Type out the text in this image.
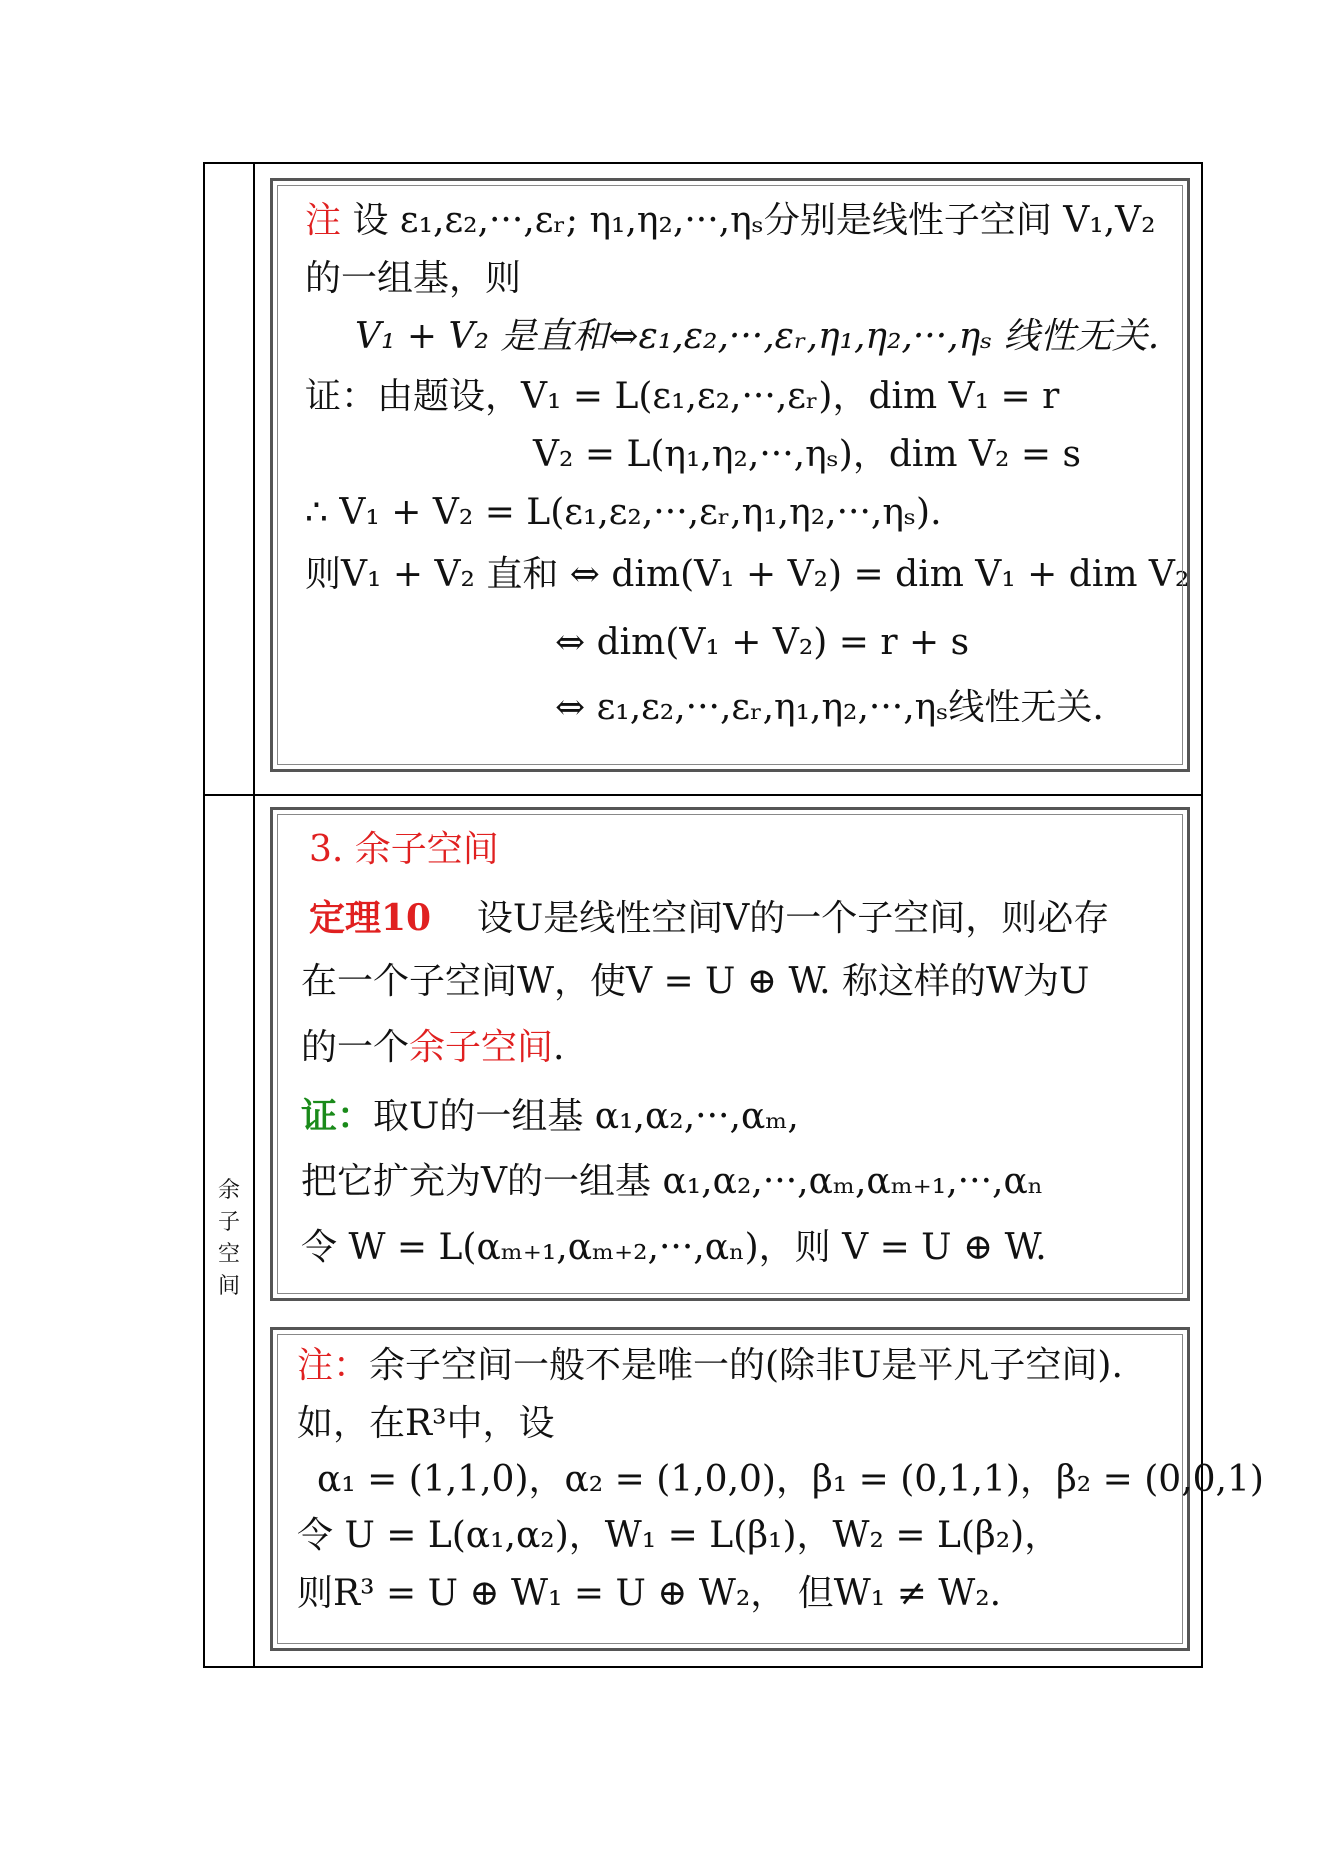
余
子
空
间
注 设 ε₁,ε₂,···,εᵣ; η₁,η₂,···,ηₛ分别是线性子空间 V₁,V₂
的一组基，则
V₁ + V₂ 是直和⇔ε₁,ε₂,···,εᵣ,η₁,η₂,···,ηₛ 线性无关.
证：由题设，V₁ = L(ε₁,ε₂,···,εᵣ)，dim V₁ = r
V₂ = L(η₁,η₂,···,ηₛ)，dim V₂ = s
∴ V₁ + V₂ = L(ε₁,ε₂,···,εᵣ,η₁,η₂,···,ηₛ).
则V₁ + V₂ 直和 ⇔ dim(V₁ + V₂) = dim V₁ + dim V₂
⇔ dim(V₁ + V₂) = r + s
⇔ ε₁,ε₂,···,εᵣ,η₁,η₂,···,ηₛ线性无关.
3. 余子空间
定理10 设U是线性空间V的一个子空间，则必存
在一个子空间W，使V = U ⊕ W. 称这样的W为U
的一个余子空间.
证：取U的一组基 α₁,α₂,···,αₘ,
把它扩充为V的一组基 α₁,α₂,···,αₘ,αₘ₊₁,···,αₙ
令 W = L(αₘ₊₁,αₘ₊₂,···,αₙ)，则 V = U ⊕ W.
注：余子空间一般不是唯一的(除非U是平凡子空间).
如，在R³中，设
α₁ = (1,1,0)，α₂ = (1,0,0)，β₁ = (0,1,1)，β₂ = (0,0,1)
令 U = L(α₁,α₂)，W₁ = L(β₁)，W₂ = L(β₂)，
则R³ = U ⊕ W₁ = U ⊕ W₂， 但W₁ ≠ W₂.
